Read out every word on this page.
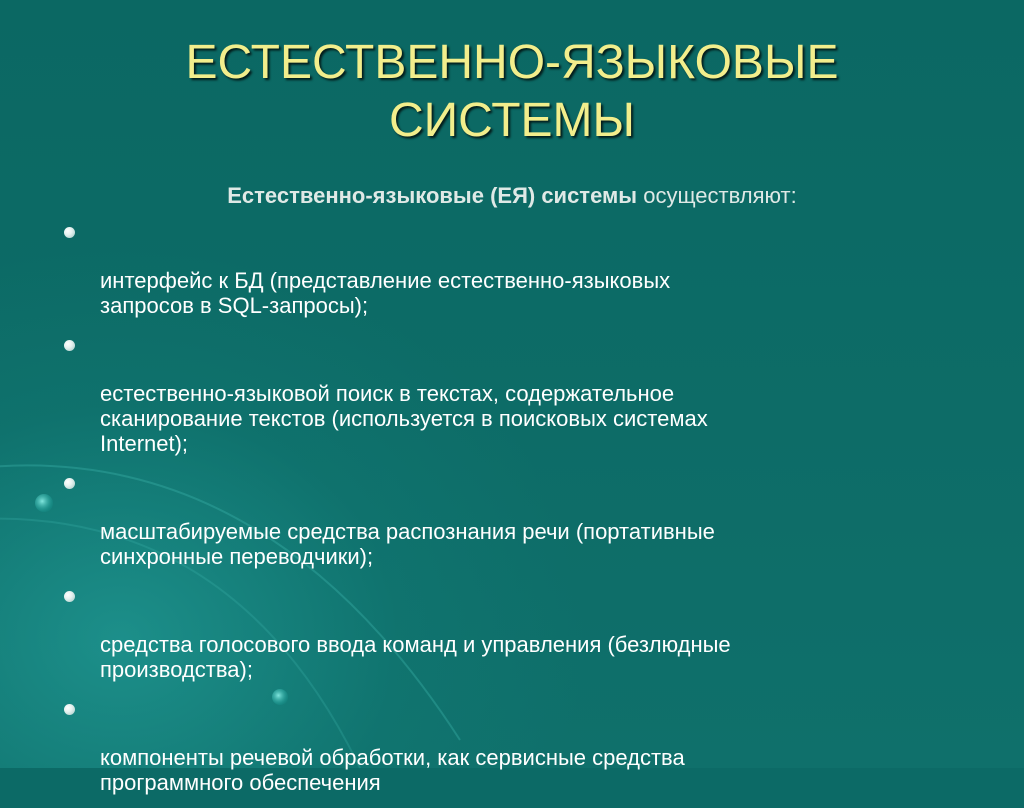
ЕСТЕСТВЕННО-ЯЗЫКОВЫЕ
СИСТЕМЫ
Естественно-языковые (ЕЯ) системы осуществляют:

интерфейс к БД (представление естественно-языковых
запросов в SQL-запросы);

естественно-языковой поиск в текстах, содержательное
сканирование текстов (используется в поисковых системах
Internet);

масштабируемые средства распознания речи (портативные
синхронные переводчики);

средства голосового ввода команд и управления (безлюдные
производства);

компоненты речевой обработки, как сервисные средства
программного обеспечения
